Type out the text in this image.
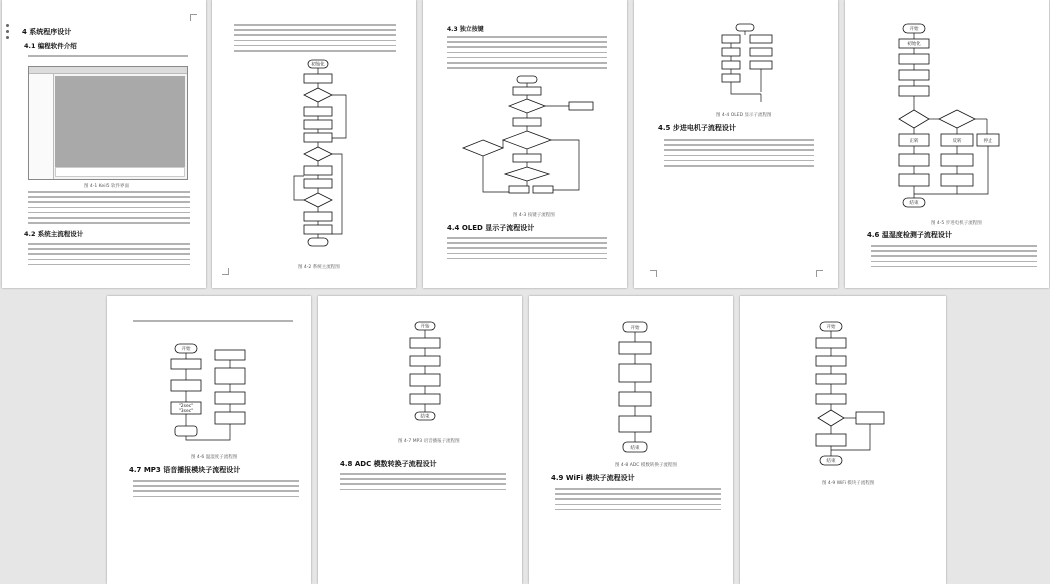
4 系统程序设计
4.1 编程软件介绍
图 4-1 Keil5 软件界面
4.2 系统主流程设计
初始化
图 4-2 系统主流程图
4.3 独立按键
图 4-3 按键子流程图
4.4 OLED 显示子流程设计
图 4-4 OLED 显示子流程图
4.5 步进电机子流程设计
开始
初始化
停止
正转	反转
结束
图 4-5 步进电机子流程图
4.6 温湿度检测子流程设计
开始
"2sec"
"3sec"
图 4-6 温湿度子流程图
4.7 MP3 语音播报模块子流程设计
开始
结束
图 4-7 MP3 语音播报子流程图
4.8 ADC 模数转换子流程设计
开始
结束
图 4-8 ADC 模数转换子流程图
4.9 WiFi 模块子流程设计
开始
结束
图 4-9 WiFi 模块子流程图
